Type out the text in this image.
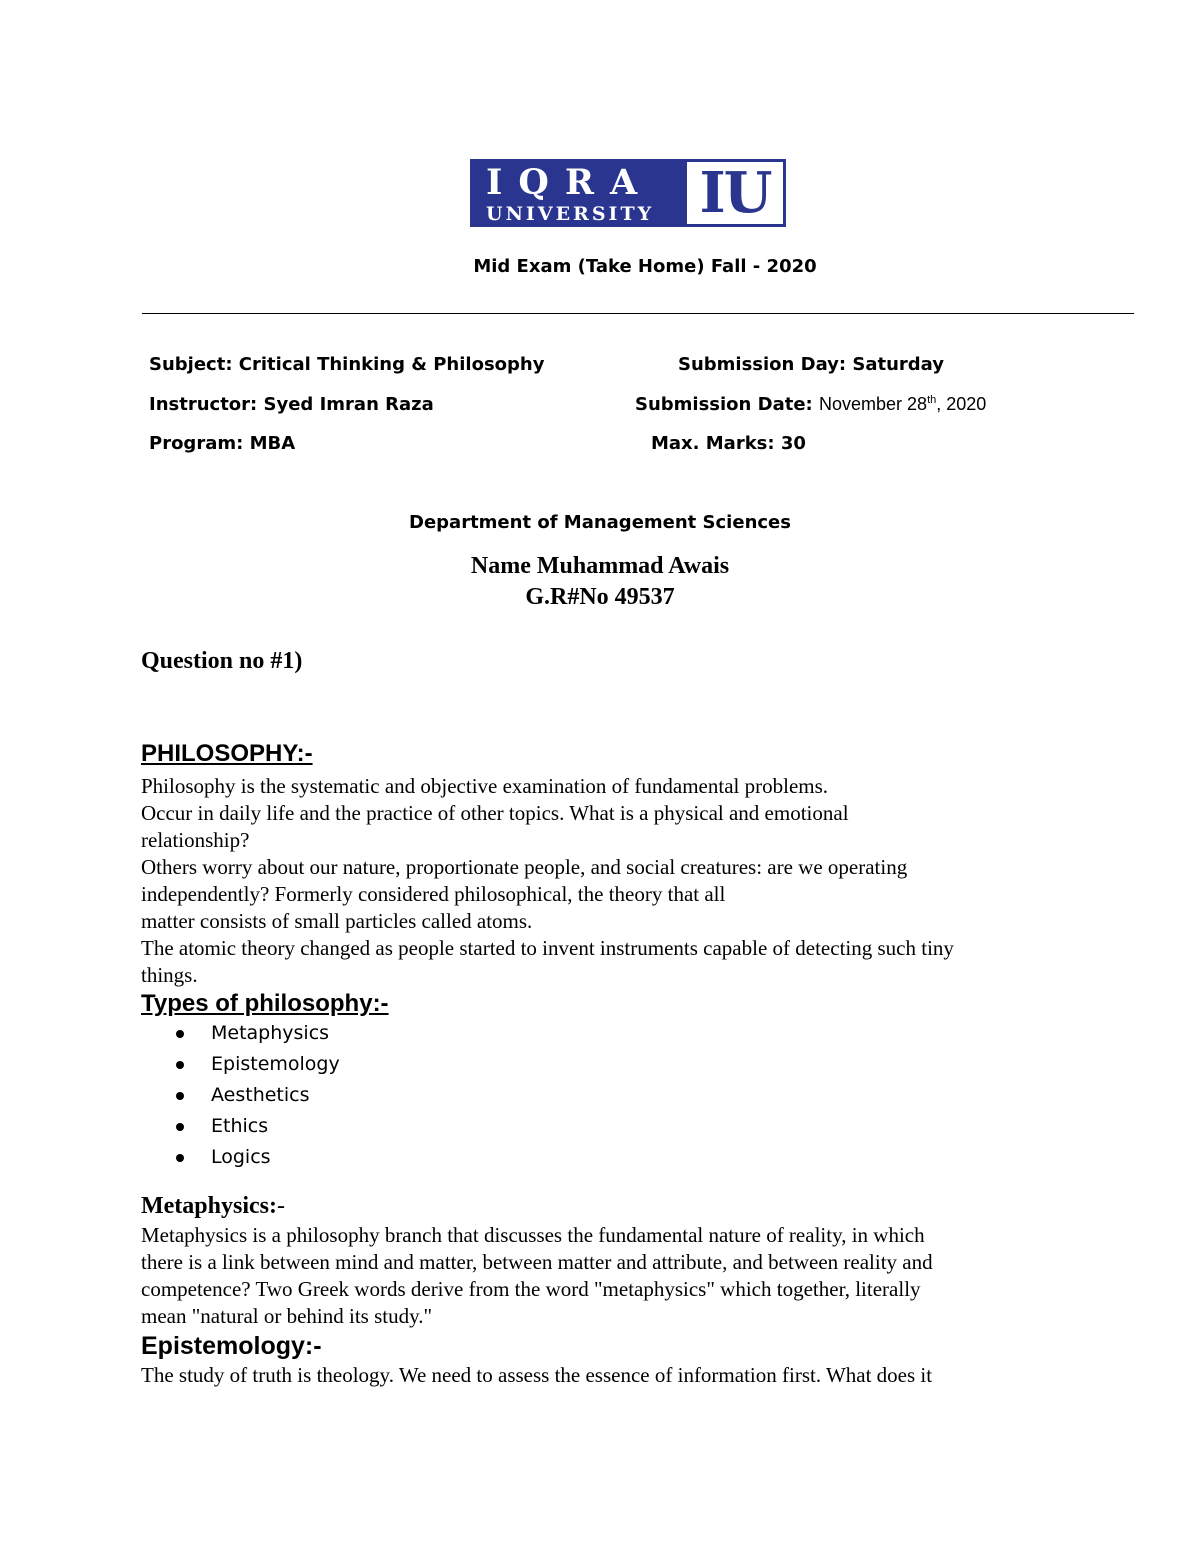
IQRA
UNIVERSITY IU
Mid Exam (Take Home) Fall - 2020
Subject: Critical Thinking & Philosophy	Submission Day: Saturday
Instructor: Syed Imran Raza	Submission Date: November 28th, 2020
Program: MBA	Max. Marks: 30
Department of Management Sciences
Name Muhammad Awais
G.R#No 49537
Question no #1)
PHILOSOPHY:-
Philosophy is the systematic and objective examination of fundamental problems.
Occur in daily life and the practice of other topics. What is a physical and emotional
relationship?
Others worry about our nature, proportionate people, and social creatures: are we operating
independently? Formerly considered philosophical, the theory that all
matter consists of small particles called atoms.
The atomic theory changed as people started to invent instruments capable of detecting such tiny
things.
Types of philosophy:-
Metaphysics
Epistemology
Aesthetics
Ethics
Logics
Metaphysics:-
Metaphysics is a philosophy branch that discusses the fundamental nature of reality, in which
there is a link between mind and matter, between matter and attribute, and between reality and
competence? Two Greek words derive from the word "metaphysics" which together, literally
mean "natural or behind its study."
Epistemology:-
The study of truth is theology. We need to assess the essence of information first. What does it
